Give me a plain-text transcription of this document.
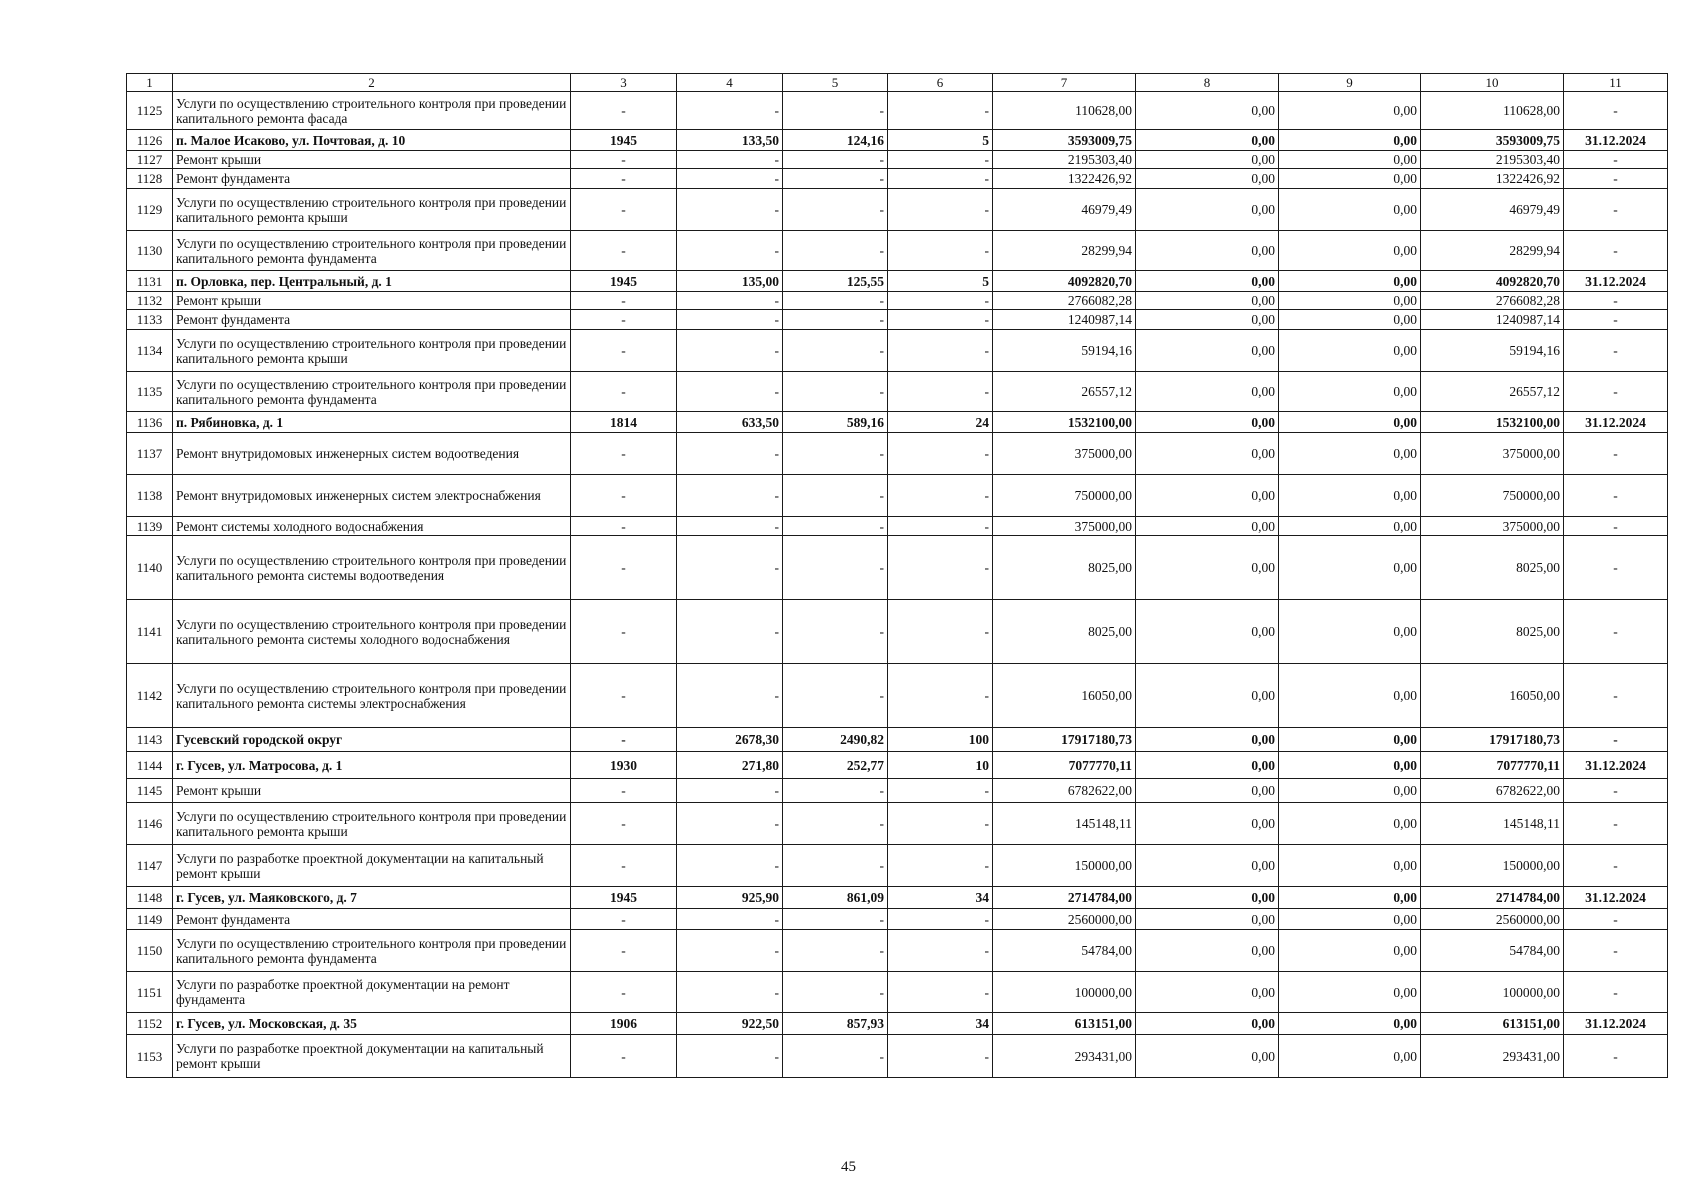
1	2	3	4	5	6	7	8	9	10	11
1125	Услуги по осуществлению строительного контроля при проведении капитального ремонта фасада	-	-	-	-	110628,00	0,00	0,00	110628,00	-
1126	п. Малое Исаково, ул. Почтовая, д. 10	1945	133,50	124,16	5	3593009,75	0,00	0,00	3593009,75	31.12.2024
1127	Ремонт крыши	-	-	-	-	2195303,40	0,00	0,00	2195303,40	-
1128	Ремонт фундамента	-	-	-	-	1322426,92	0,00	0,00	1322426,92	-
1129	Услуги по осуществлению строительного контроля при проведении капитального ремонта крыши	-	-	-	-	46979,49	0,00	0,00	46979,49	-
1130	Услуги по осуществлению строительного контроля при проведении капитального ремонта фундамента	-	-	-	-	28299,94	0,00	0,00	28299,94	-
1131	п. Орловка, пер. Центральный, д. 1	1945	135,00	125,55	5	4092820,70	0,00	0,00	4092820,70	31.12.2024
1132	Ремонт крыши	-	-	-	-	2766082,28	0,00	0,00	2766082,28	-
1133	Ремонт фундамента	-	-	-	-	1240987,14	0,00	0,00	1240987,14	-
1134	Услуги по осуществлению строительного контроля при проведении капитального ремонта крыши	-	-	-	-	59194,16	0,00	0,00	59194,16	-
1135	Услуги по осуществлению строительного контроля при проведении капитального ремонта фундамента	-	-	-	-	26557,12	0,00	0,00	26557,12	-
1136	п. Рябиновка, д. 1	1814	633,50	589,16	24	1532100,00	0,00	0,00	1532100,00	31.12.2024
1137	Ремонт внутридомовых инженерных систем водоотведения	-	-	-	-	375000,00	0,00	0,00	375000,00	-
1138	Ремонт внутридомовых инженерных систем электроснабжения	-	-	-	-	750000,00	0,00	0,00	750000,00	-
1139	Ремонт системы холодного водоснабжения	-	-	-	-	375000,00	0,00	0,00	375000,00	-
1140	Услуги по осуществлению строительного контроля при проведении капитального ремонта системы водоотведения	-	-	-	-	8025,00	0,00	0,00	8025,00	-
1141	Услуги по осуществлению строительного контроля при проведении капитального ремонта системы холодного водоснабжения	-	-	-	-	8025,00	0,00	0,00	8025,00	-
1142	Услуги по осуществлению строительного контроля при проведении капитального ремонта системы электроснабжения	-	-	-	-	16050,00	0,00	0,00	16050,00	-
1143	Гусевский городской округ	-	2678,30	2490,82	100	17917180,73	0,00	0,00	17917180,73	-
1144	г. Гусев, ул. Матросова, д. 1	1930	271,80	252,77	10	7077770,11	0,00	0,00	7077770,11	31.12.2024
1145	Ремонт крыши	-	-	-	-	6782622,00	0,00	0,00	6782622,00	-
1146	Услуги по осуществлению строительного контроля при проведении капитального ремонта крыши	-	-	-	-	145148,11	0,00	0,00	145148,11	-
1147	Услуги по разработке проектной документации на капитальный ремонт крыши	-	-	-	-	150000,00	0,00	0,00	150000,00	-
1148	г. Гусев, ул. Маяковского, д. 7	1945	925,90	861,09	34	2714784,00	0,00	0,00	2714784,00	31.12.2024
1149	Ремонт фундамента	-	-	-	-	2560000,00	0,00	0,00	2560000,00	-
1150	Услуги по осуществлению строительного контроля при проведении капитального ремонта фундамента	-	-	-	-	54784,00	0,00	0,00	54784,00	-
1151	Услуги по разработке проектной документации на ремонт фундамента	-	-	-	-	100000,00	0,00	0,00	100000,00	-
1152	г. Гусев, ул. Московская, д. 35	1906	922,50	857,93	34	613151,00	0,00	0,00	613151,00	31.12.2024
1153	Услуги по разработке проектной документации на капитальный ремонт крыши	-	-	-	-	293431,00	0,00	0,00	293431,00	-
45
